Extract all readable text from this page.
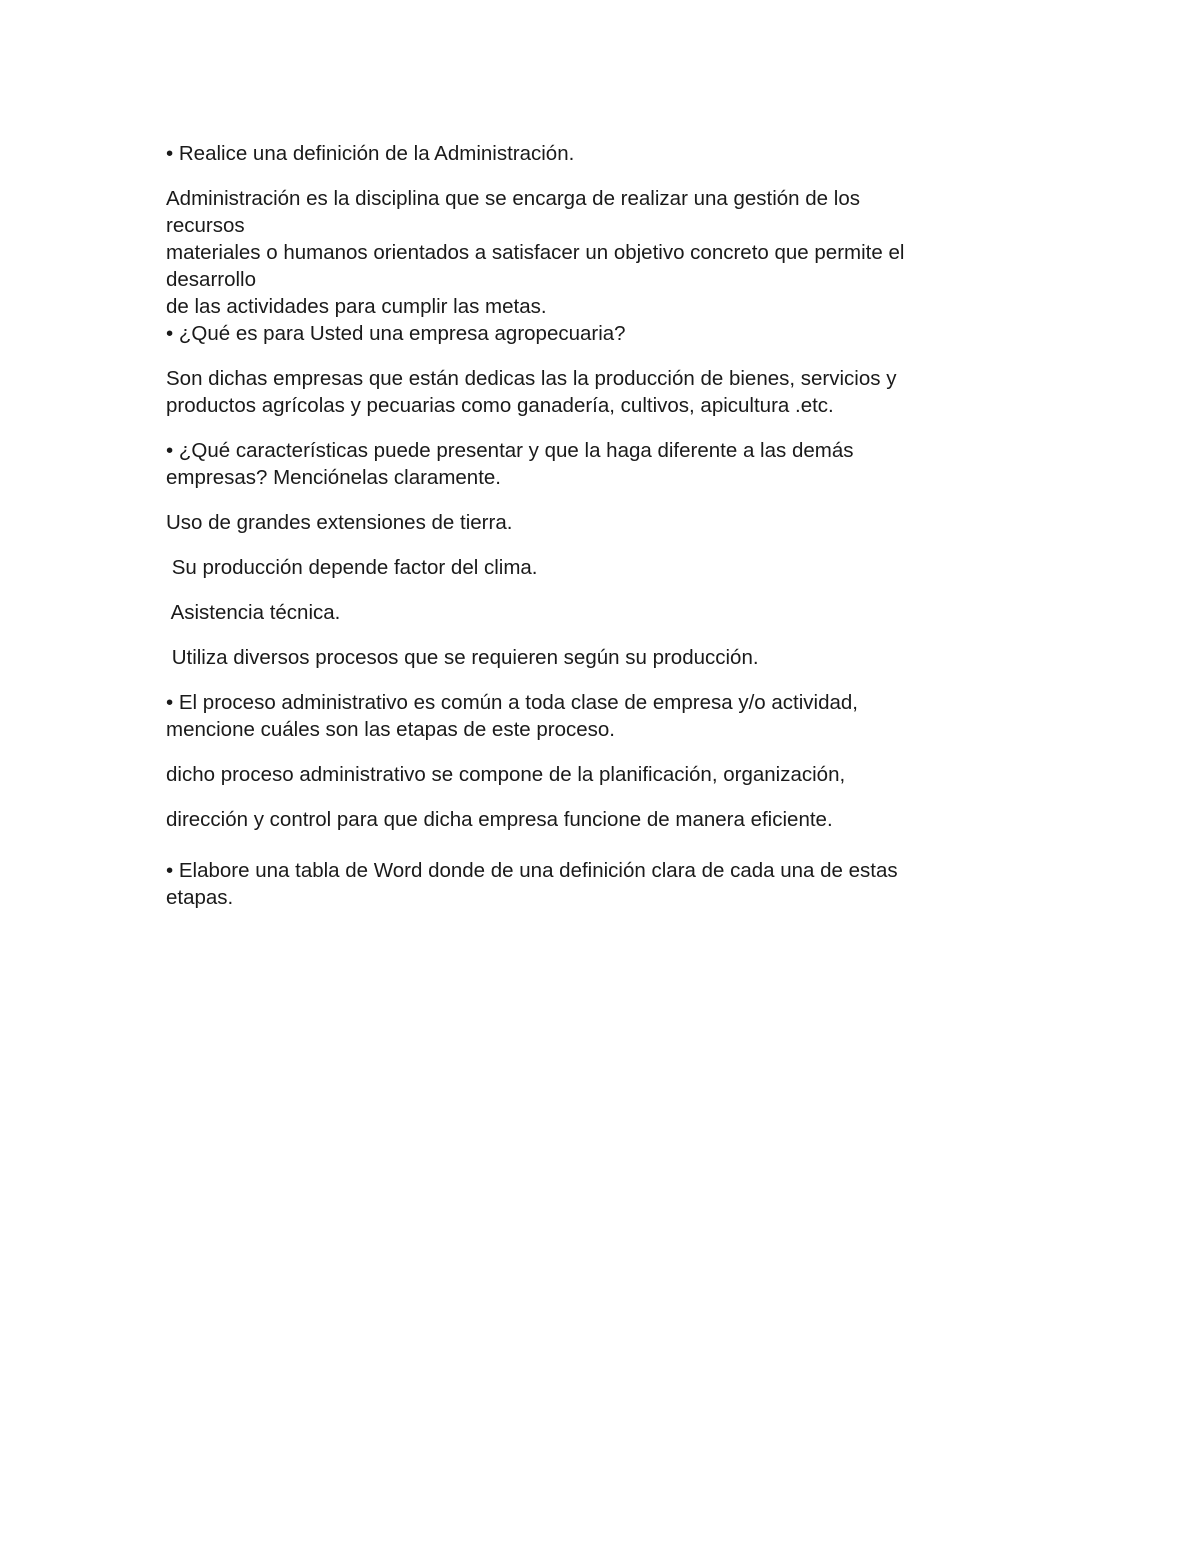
• Realice una definición de la Administración.
Administración es la disciplina que se encarga de realizar una gestión de los
recursos
materiales o humanos orientados a satisfacer un objetivo concreto que permite el
desarrollo
de las actividades para cumplir las metas.
• ¿Qué es para Usted una empresa agropecuaria?
Son dichas empresas que están dedicas las la producción de bienes, servicios y
productos agrícolas y pecuarias como ganadería, cultivos, apicultura .etc.
• ¿Qué características puede presentar y que la haga diferente a las demás
empresas? Menciónelas claramente.
Uso de grandes extensiones de tierra.
Su producción depende factor del clima.
Asistencia técnica.
Utiliza diversos procesos que se requieren según su producción.
• El proceso administrativo es común a toda clase de empresa y/o actividad,
mencione cuáles son las etapas de este proceso.
dicho proceso administrativo se compone de la planificación, organización,
dirección y control para que dicha empresa funcione de manera eficiente.
• Elabore una tabla de Word donde de una definición clara de cada una de estas
etapas.
